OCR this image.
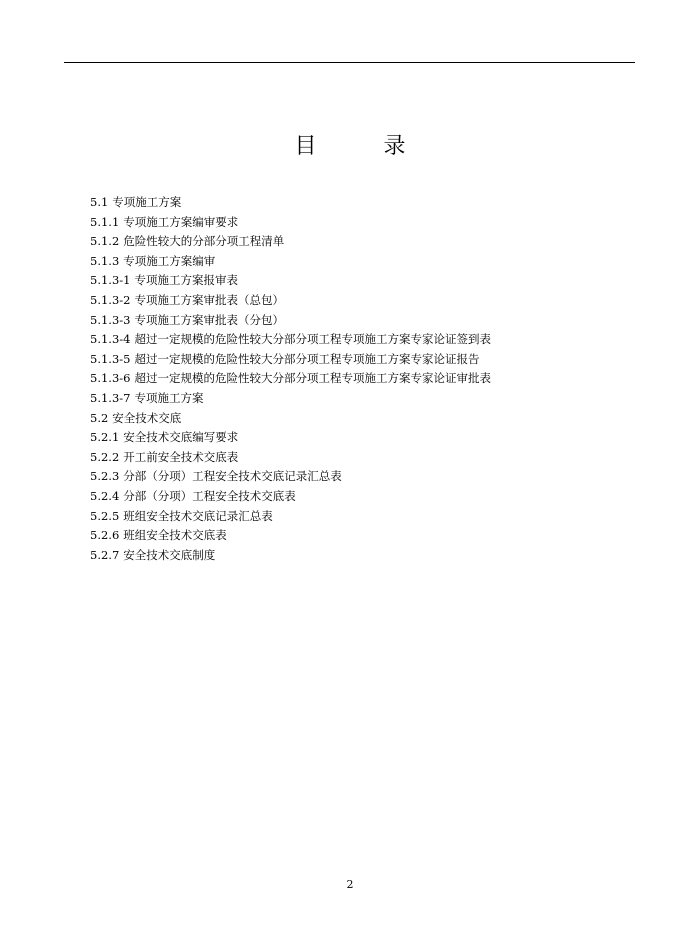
目 录
5.1 专项施工方案
5.1.1 专项施工方案编审要求
5.1.2 危险性较大的分部分项工程清单
5.1.3 专项施工方案编审
5.1.3-1 专项施工方案报审表
5.1.3-2 专项施工方案审批表（总包）
5.1.3-3 专项施工方案审批表（分包）
5.1.3-4 超过一定规模的危险性较大分部分项工程专项施工方案专家论证签到表
5.1.3-5 超过一定规模的危险性较大分部分项工程专项施工方案专家论证报告
5.1.3-6 超过一定规模的危险性较大分部分项工程专项施工方案专家论证审批表
5.1.3-7 专项施工方案
5.2 安全技术交底
5.2.1 安全技术交底编写要求
5.2.2 开工前安全技术交底表
5.2.3 分部（分项）工程安全技术交底记录汇总表
5.2.4 分部（分项）工程安全技术交底表
5.2.5 班组安全技术交底记录汇总表
5.2.6 班组安全技术交底表
5.2.7 安全技术交底制度
2
